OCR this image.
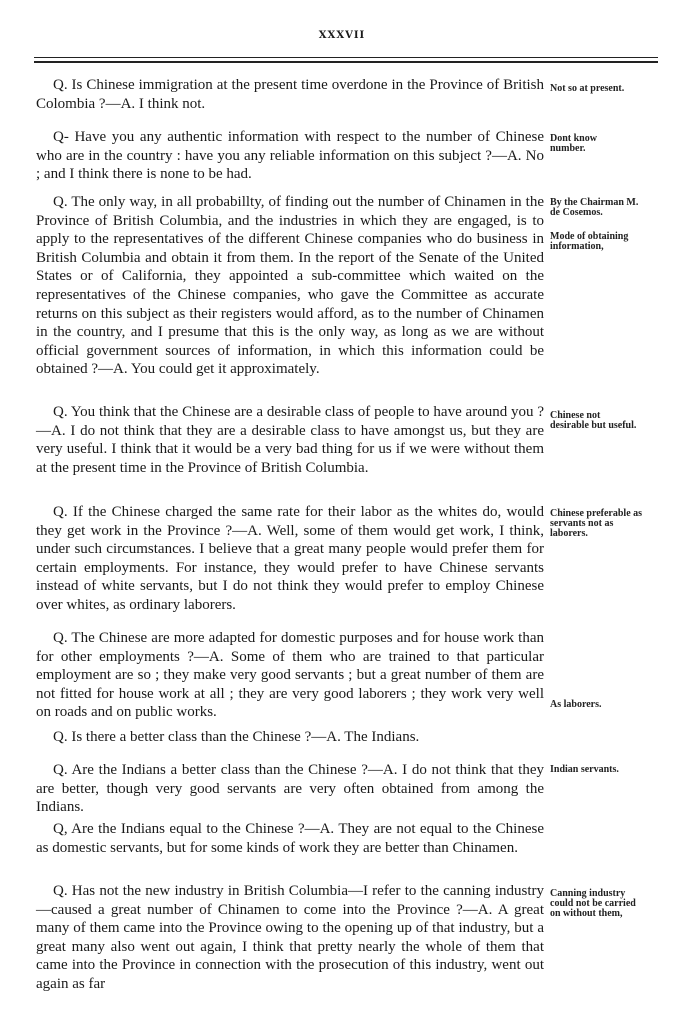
XXXVII

Q. Is Chinese immigration at the present time overdone in the Province of British Colombia ?—A. I think not.

Q- Have you any authentic information with respect to the number of Chinese who are in the country : have you any reliable information on this subject ?—A. No ; and I think there is none to be had.

Q. The only way, in all probabillty, of finding out the number of Chinamen in the Province of British Columbia, and the industries in which they are engaged, is to apply to the representatives of the different Chinese companies who do business in British Columbia and obtain it from them. In the report of the Senate of the United States or of California, they appointed a sub-committee which waited on the representatives of the Chinese companies, who gave the Committee as accurate returns on this subject as their registers would afford, as to the number of Chinamen in the country, and I presume that this is the only way, as long as we are without official government sources of information, in which this information could be obtained ?—A. You could get it approximately.

Q. You think that the Chinese are a desirable class of people to have around you ?—A. I do not think that they are a desirable class to have amongst us, but they are very useful. I think that it would be a very bad thing for us if we were without them at the present time in the Province of British Columbia.

Q. If the Chinese charged the same rate for their labor as the whites do, would they get work in the Province ?—A. Well, some of them would get work, I think, under such circumstances. I believe that a great many people would prefer them for certain employments. For instance, they would prefer to have Chinese servants instead of white servants, but I do not think they would prefer to employ Chinese over whites, as ordinary laborers.

Q. The Chinese are more adapted for domestic purposes and for house work than for other employments ?—A. Some of them who are trained to that particular employment are so ; they make very good servants ; but a great number of them are not fitted for house work at all ; they are very good laborers ; they work very well on roads and on public works.

Q. Is there a better class than the Chinese ?—A. The Indians.

Q. Are the Indians a better class than the Chinese ?—A. I do not think that they are better, though very good servants are very often obtained from among the Indians.

Q, Are the Indians equal to the Chinese ?—A. They are not equal to the Chinese as domestic servants, but for some kinds of work they are better than Chinamen.

Q. Has not the new industry in British Columbia—I refer to the canning industry—caused a great number of Chinamen to come into the Province ?—A. A great many of them came into the Province owing to the opening up of that industry, but a great many also went out again, I think that pretty nearly the whole of them that came into the Province in connection with the prosecution of this industry, went out again as far

Not so at present.
Dont know number.
By the Chairman M. de Cosemos.
Mode of obtaining information,
Chinese not desirable but useful.
Chinese preferable as servants not as laborers.
As laborers.
Indian servants.
Canning industry could not be carried on without them,
